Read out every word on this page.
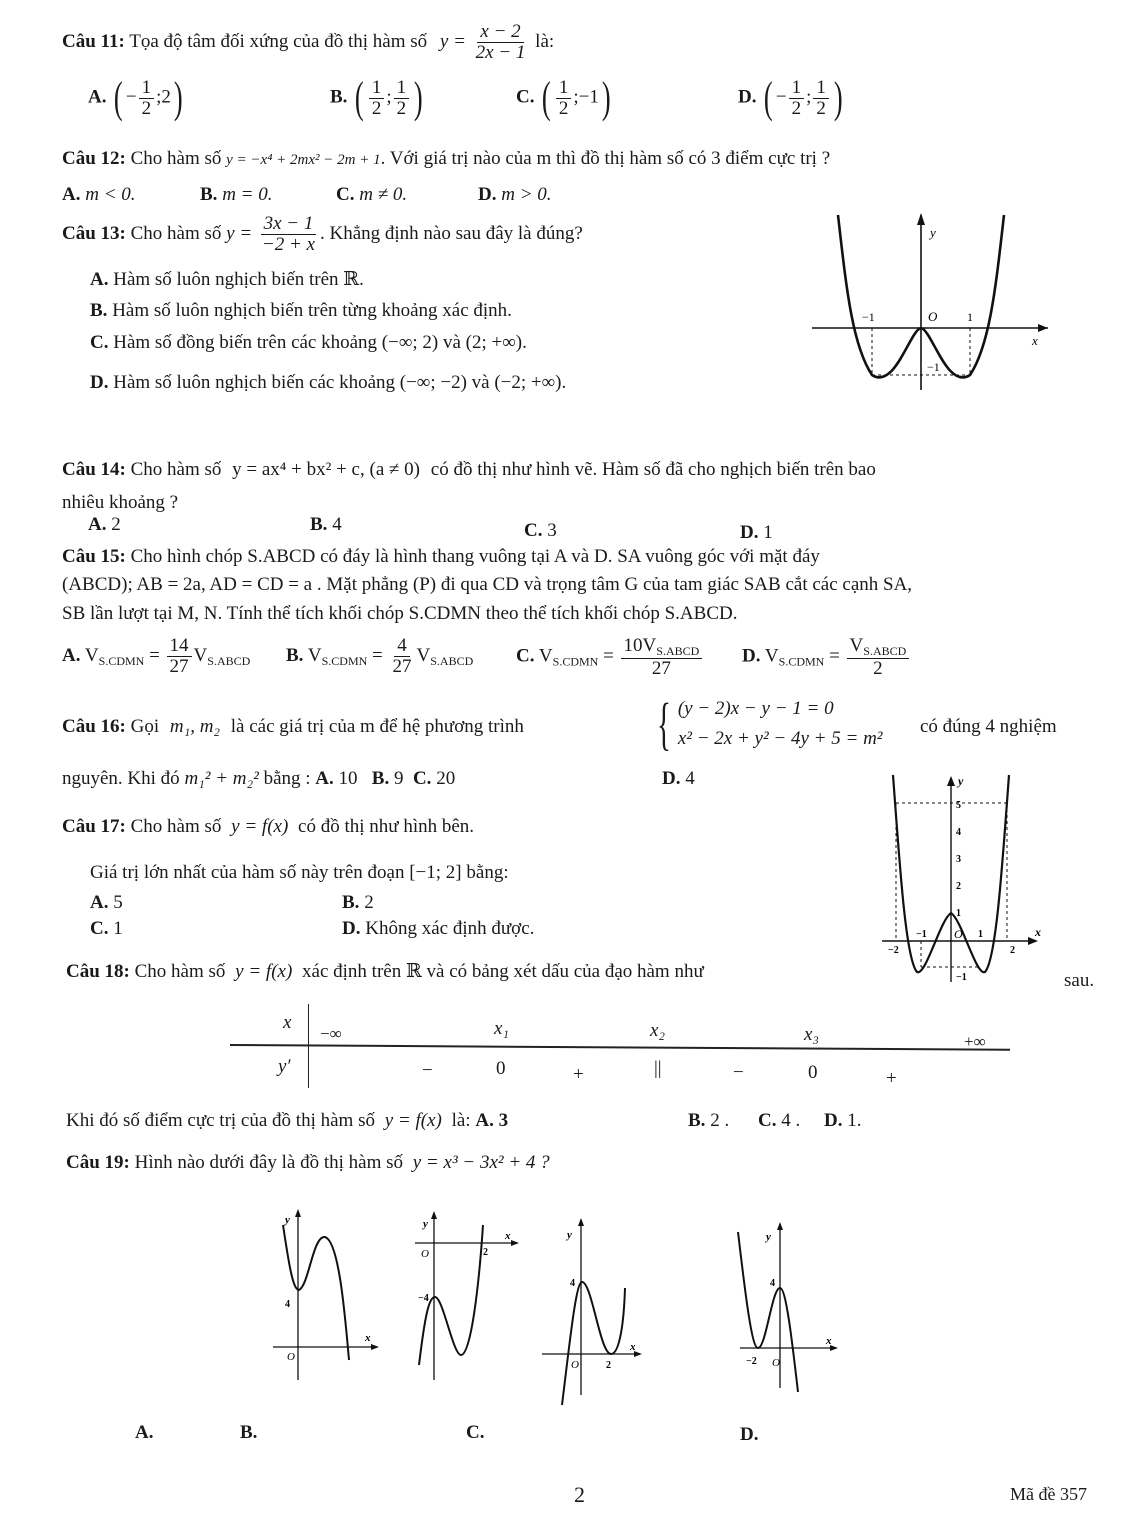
Câu 11: Tọa độ tâm đối xứng của đồ thị hàm số $y = \frac{x - 2}{2x - 1}$ là:
A. ( − $\frac{1}{2}$ ;2)	B. ( $\frac{1}{2}$ ; $\frac{1}{2}$ )	C. ( $\frac{1}{2}$ ;−1)	D. ( − $\frac{1}{2}$ ; $\frac{1}{2}$ )
Câu 12: Cho hàm số y = −x⁴ + 2mx² − 2m + 1. Với giá trị nào của m thì đồ thị hàm số có 3 điểm cực trị ?
A. m < 0.	B. m = 0.	C. m ≠ 0.	D. m > 0.
Câu 13: Cho hàm số $y = \frac{3x - 1}{-2 + x}$ . Khẳng định nào sau đây là đúng?
A. Hàm số luôn nghịch biến trên ℝ.
B. Hàm số luôn nghịch biến trên từng khoảng xác định.
C. Hàm số đồng biến trên các khoảng (−∞; 2) và (2; +∞).
D. Hàm số luôn nghịch biến các khoảng (−∞; −2) và (−2; +∞).
y
x
O
−1	1
−1
Câu 14: Cho hàm số y = ax⁴ + bx² + c, (a ≠ 0) có đồ thị như hình vẽ. Hàm số đã cho nghịch biến trên bao
nhiêu khoảng ?
A. 2	B. 4	C. 3	D. 1
Câu 15: Cho hình chóp S.ABCD có đáy là hình thang vuông tại A và D. SA vuông góc với mặt đáy
(ABCD); AB = 2a, AD = CD = a . Mặt phẳng (P) đi qua CD và trọng tâm G của tam giác SAB cắt các cạnh SA,
SB lần lượt tại M, N. Tính thể tích khối chóp S.CDMN theo thể tích khối chóp S.ABCD.
A. $V_{S.CDMN} = \frac{14}{27} V_{S.ABCD}$ B. $V_{S.CDMN} = \frac{4}{27} V_{S.ABCD}$ C. $V_{S.CDMN} = \frac{10V_{S.ABCD}}{27} D$. $V_{S.CDMN} = \frac{V_{S.ABCD}}{2}$
Câu 16: Gọi m₁, m₂ là các giá trị của m để hệ phương trình { (y − 2)x − y − 1 = 0
x² − 2x + y² − 4y + 5 = m²
có đúng 4 nghiệm
nguyên. Khi đó m₁² + m₂² bằng : A. 10 B. 9 C. 20	D. 4	y
x
O
5
4
3
2
1
−1
−2
−1	1
2
Câu 17: Cho hàm số y = f(x) có đồ thị như hình bên.
Giá trị lớn nhất của hàm số này trên đoạn [−1; 2] bằng:
A. 5	B. 2
C. 1	D. Không xác định được.
Câu 18: Cho hàm số y = f(x) xác định trên ℝ và có bảng xét dấu của đạo hàm như	sau.
x
y′
−∞	x₁	x₂	x₃	+∞
−	0	+	||	−	0	+
Khi đó số điểm cực trị của đồ thị hàm số y = f(x) là: A. 3	B. 2 . C. 4 . D. 1.
Câu 19: Hình nào dưới đây là đồ thị hàm số y = x³ − 3x² + 4 ?
y
x
O
4
y
x
O	2
−4
y
x
O	2
4
y
x
O
−2
4
A.	B.	C.	D.
2	Mã đề 357
